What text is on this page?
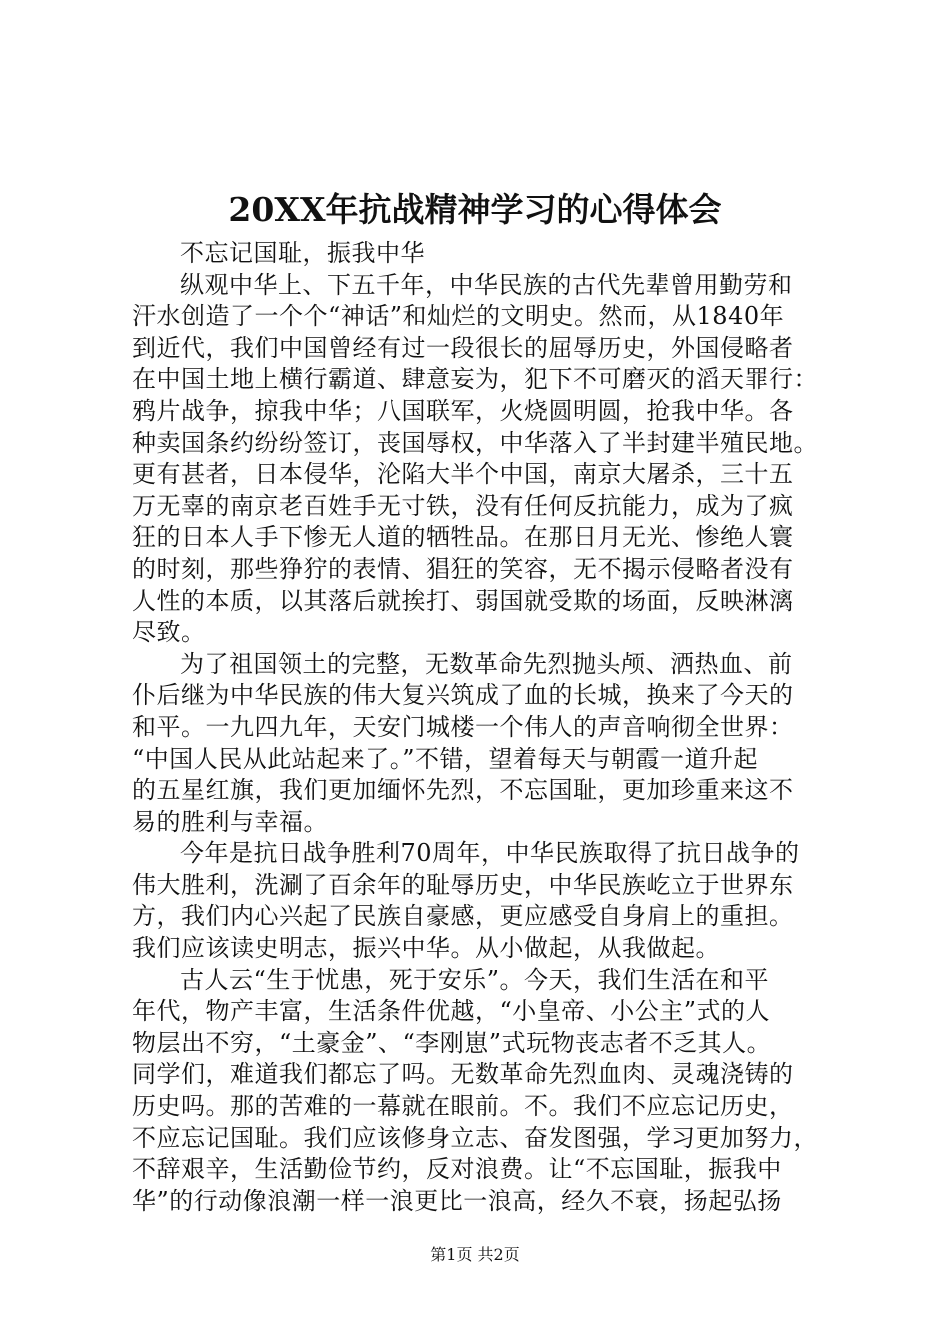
20XX年抗战精神学习的心得体会
不忘记国耻，振我中华
纵观中华上、下五千年，中华民族的古代先辈曾用勤劳和
汗水创造了一个个“神话”和灿烂的文明史。然而，从1840年
到近代，我们中国曾经有过一段很长的屈辱历史，外国侵略者
在中国土地上横行霸道、肆意妄为，犯下不可磨灭的滔天罪行：
鸦片战争，掠我中华；八国联军，火烧圆明圆，抢我中华。各
种卖国条约纷纷签订，丧国辱权，中华落入了半封建半殖民地。
更有甚者，日本侵华，沦陷大半个中国，南京大屠杀，三十五
万无辜的南京老百姓手无寸铁，没有任何反抗能力，成为了疯
狂的日本人手下惨无人道的牺牲品。在那日月无光、惨绝人寰
的时刻，那些狰狞的表情、猖狂的笑容，无不揭示侵略者没有
人性的本质，以其落后就挨打、弱国就受欺的场面，反映淋漓
尽致。
为了祖国领土的完整，无数革命先烈抛头颅、洒热血、前
仆后继为中华民族的伟大复兴筑成了血的长城，换来了今天的
和平。一九四九年，天安门城楼一个伟人的声音响彻全世界：
“中国人民从此站起来了。”不错，望着每天与朝霞一道升起
的五星红旗，我们更加缅怀先烈，不忘国耻，更加珍重来这不
易的胜利与幸福。
今年是抗日战争胜利70周年，中华民族取得了抗日战争的
伟大胜利，洗涮了百余年的耻辱历史，中华民族屹立于世界东
方，我们内心兴起了民族自豪感，更应感受自身肩上的重担。
我们应该读史明志，振兴中华。从小做起，从我做起。
古人云“生于忧患，死于安乐”。今天，我们生活在和平
年代，物产丰富，生活条件优越，“小皇帝、小公主”式的人
物层出不穷，“土豪金”、“李刚崽”式玩物丧志者不乏其人。
同学们，难道我们都忘了吗。无数革命先烈血肉、灵魂浇铸的
历史吗。那的苦难的一幕就在眼前。不。我们不应忘记历史，
不应忘记国耻。我们应该修身立志、奋发图强，学习更加努力，
不辞艰辛，生活勤俭节约，反对浪费。让“不忘国耻，振我中
华”的行动像浪潮一样一浪更比一浪高，经久不衰，扬起弘扬
第1页 共2页
